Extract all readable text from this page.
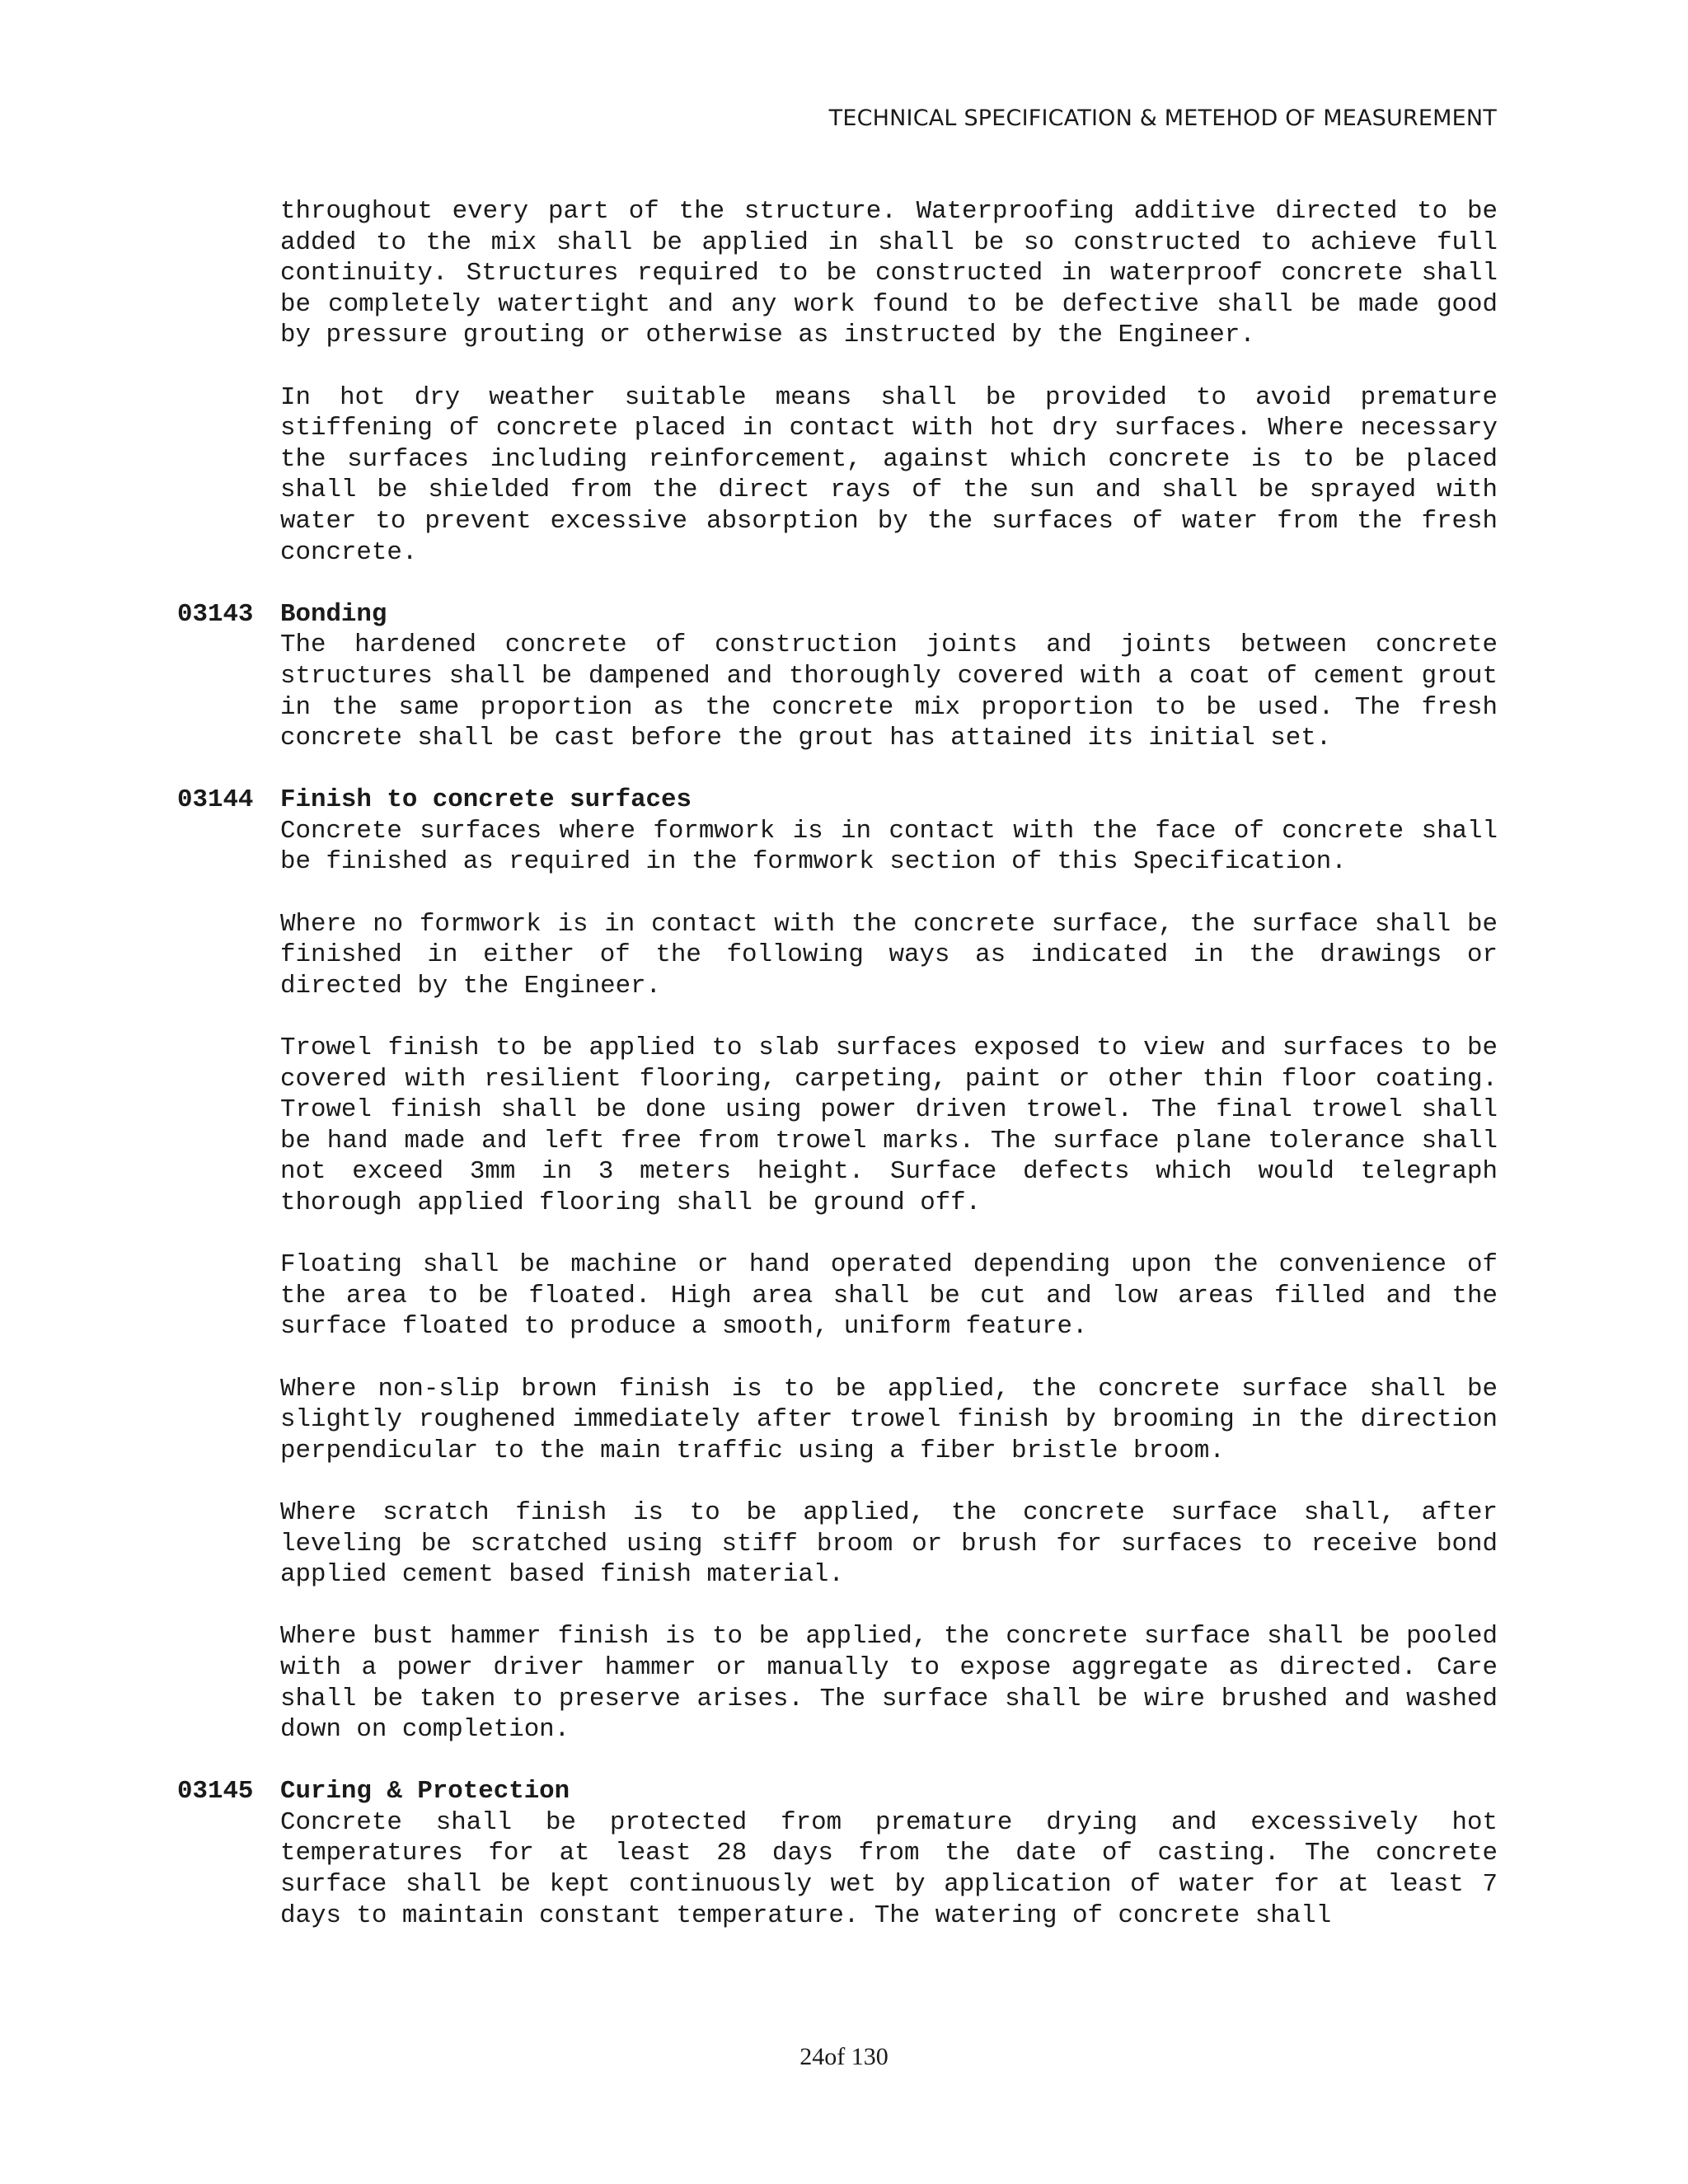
TECHNICAL SPECIFICATION & METEHOD OF MEASUREMENT

throughout every part of the structure. Waterproofing additive directed to be added to the mix shall be applied in shall be so constructed to achieve full continuity. Structures required to be constructed in waterproof concrete shall be completely watertight and any work found to be defective shall be made good by pressure grouting or otherwise as instructed by the Engineer.

In hot dry weather suitable means shall be provided to avoid premature stiffening of concrete placed in contact with hot dry surfaces. Where necessary the surfaces including reinforcement, against which concrete is to be placed shall be shielded from the direct rays of the sun and shall be sprayed with water to prevent excessive absorption by the surfaces of water from the fresh concrete.

03143	Bonding

The hardened concrete of construction joints and joints between concrete structures shall be dampened and thoroughly covered with a coat of cement grout in the same proportion as the concrete mix proportion to be used. The fresh concrete shall be cast before the grout has attained its initial set.

03144	Finish to concrete surfaces

Concrete surfaces where formwork is in contact with the face of concrete shall be finished as required in the formwork section of this Specification.

Where no formwork is in contact with the concrete surface, the surface shall be finished in either of the following ways as indicated in the drawings or directed by the Engineer.

Trowel finish to be applied to slab surfaces exposed to view and surfaces to be covered with resilient flooring, carpeting, paint or other thin floor coating. Trowel finish shall be done using power driven trowel. The final trowel shall be hand made and left free from trowel marks. The surface plane tolerance shall not exceed 3mm in 3 meters height. Surface defects which would telegraph thorough applied flooring shall be ground off.

Floating shall be machine or hand operated depending upon the convenience of the area to be floated. High area shall be cut and low areas filled and the surface floated to produce a smooth, uniform feature.

Where non-slip brown finish is to be applied, the concrete surface shall be slightly roughened immediately after trowel finish by brooming in the direction perpendicular to the main traffic using a fiber bristle broom.

Where scratch finish is to be applied, the concrete surface shall, after leveling be scratched using stiff broom or brush for surfaces to receive bond applied cement based finish material.

Where bust hammer finish is to be applied, the concrete surface shall be pooled with a power driver hammer or manually to expose aggregate as directed. Care shall be taken to preserve arises. The surface shall be wire brushed and washed down on completion.

03145	Curing & Protection

Concrete shall be protected from premature drying and excessively hot temperatures for at least 28 days from the date of casting. The concrete surface shall be kept continuously wet by application of water for at least 7 days to maintain constant temperature. The watering of concrete shall

24of 130
